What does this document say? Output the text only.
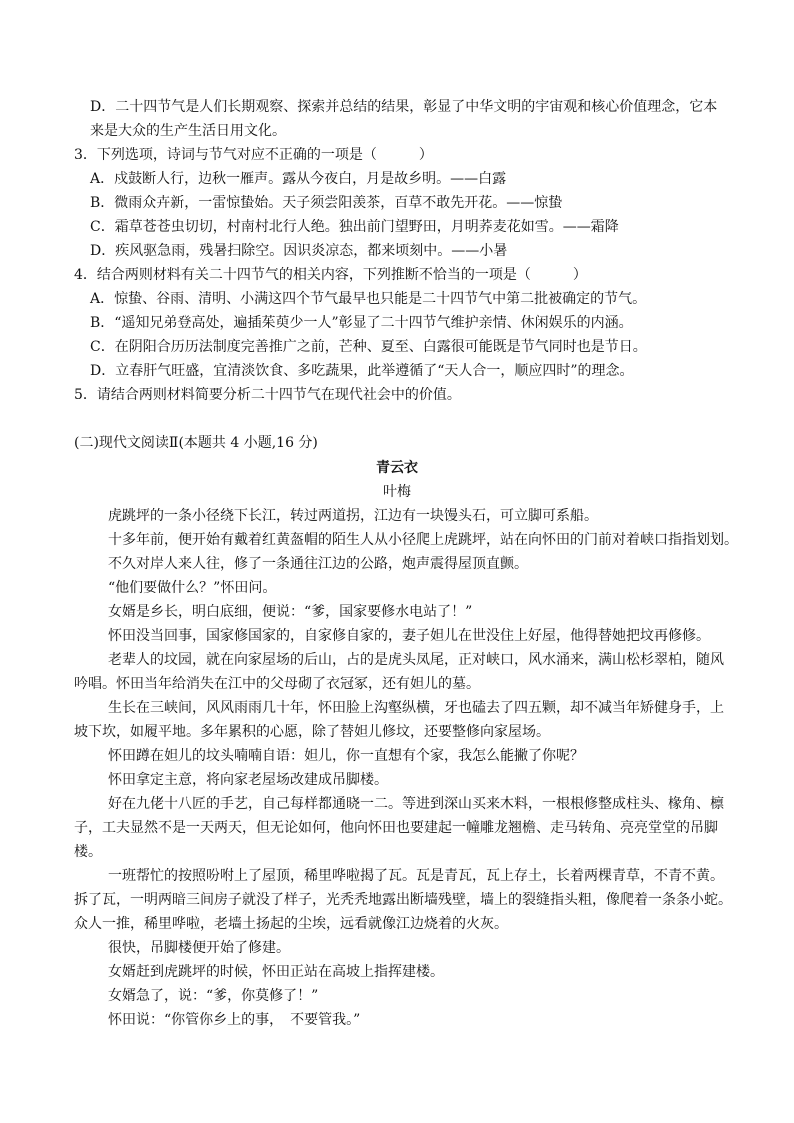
D．二十四节气是人们长期观察、探索并总结的结果，彰显了中华文明的宇宙观和核心价值理念，它本
来是大众的生产生活日用文化。
3．下列选项，诗词与节气对应不正确的一项是（　　　）
A．戍鼓断人行，边秋一雁声。露从今夜白，月是故乡明。——白露
B．微雨众卉新，一雷惊蛰始。天子须尝阳羡茶，百草不敢先开花。——惊蛰
C．霜草苍苍虫切切，村南村北行人绝。独出前门望野田，月明荞麦花如雪。——霜降
D．疾风驱急雨，残暑扫除空。因识炎凉态，都来顷刻中。——小暑
4．结合两则材料有关二十四节气的相关内容，下列推断不恰当的一项是（　　　）
A．惊蛰、谷雨、清明、小满这四个节气最早也只能是二十四节气中第二批被确定的节气。
B．“遥知兄弟登高处，遍插茱萸少一人”彰显了二十四节气维护亲情、休闲娱乐的内涵。
C．在阴阳合历历法制度完善推广之前，芒种、夏至、白露很可能既是节气同时也是节日。
D．立春肝气旺盛，宜清淡饮食、多吃蔬果，此举遵循了“天人合一，顺应四时”的理念。
5．请结合两则材料简要分析二十四节气在现代社会中的价值。
(二)现代文阅读Ⅱ(本题共 4 小题,16 分)
青云衣
叶梅
虎跳坪的一条小径绕下长江，转过两道拐，江边有一块馒头石，可立脚可系船。
十多年前，便开始有戴着红黄盔帽的陌生人从小径爬上虎跳坪，站在向怀田的门前对着峡口指指划划。
不久对岸人来人往，修了一条通往江边的公路，炮声震得屋顶直颤。
“他们要做什么？”怀田问。
女婿是乡长，明白底细，便说：“爹，国家要修水电站了！”
怀田没当回事，国家修国家的，自家修自家的，妻子妲儿在世没住上好屋，他得替她把坟再修修。
老辈人的坟园，就在向家屋场的后山，占的是虎头凤尾，正对峡口，风水涌来，满山松杉翠柏，随风
吟唱。怀田当年给消失在江中的父母砌了衣冠冢，还有妲儿的墓。
生长在三峡间，风风雨雨几十年，怀田脸上沟壑纵横，牙也磕去了四五颗，却不减当年矫健身手，上
坡下坎，如履平地。多年累积的心愿，除了替妲儿修坟，还要整修向家屋场。
怀田蹲在妲儿的坟头喃喃自语：妲儿，你一直想有个家，我怎么能撇了你呢？
怀田拿定主意，将向家老屋场改建成吊脚楼。
好在九佬十八匠的手艺，自己每样都通晓一二。等进到深山买来木料，一根根修整成柱头、椽角、檩
子，工夫显然不是一天两天，但无论如何，他向怀田也要建起一幢雕龙翘檐、走马转角、亮亮堂堂的吊脚
楼。
一班帮忙的按照吩咐上了屋顶，稀里哗啦揭了瓦。瓦是青瓦，瓦上存土，长着两棵青草，不青不黄。
拆了瓦，一明两暗三间房子就没了样子，光秃秃地露出断墙残壁，墙上的裂缝指头粗，像爬着一条条小蛇。
众人一推，稀里哗啦，老墙土扬起的尘埃，远看就像江边烧着的火灰。
很快，吊脚楼便开始了修建。
女婿赶到虎跳坪的时候，怀田正站在高坡上指挥建楼。
女婿急了，说：“爹，你莫修了！”
怀田说：“你管你乡上的事，　不要管我。”
